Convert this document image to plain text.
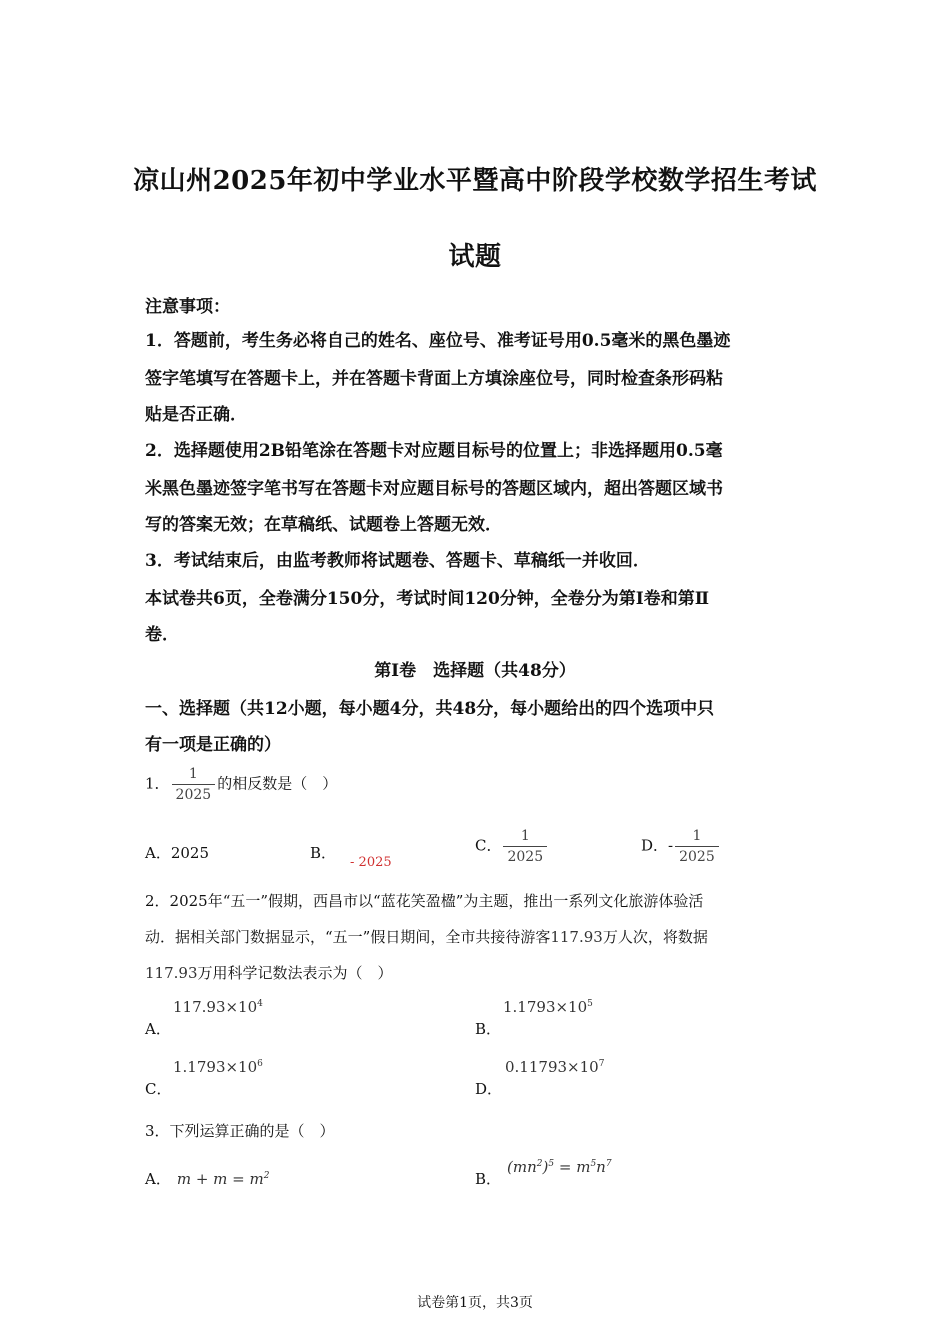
凉山州2025年初中学业水平暨高中阶段学校数学招生考试
试题
注意事项：
1．答题前，考生务必将自己的姓名、座位号、准考证号用0.5毫米的黑色墨迹
签字笔填写在答题卡上，并在答题卡背面上方填涂座位号，同时检查条形码粘
贴是否正确．
2．选择题使用2B铅笔涂在答题卡对应题目标号的位置上；非选择题用0.5毫
米黑色墨迹签字笔书写在答题卡对应题目标号的答题区域内，超出答题区域书
写的答案无效；在草稿纸、试题卷上答题无效．
3．考试结束后，由监考教师将试题卷、答题卡、草稿纸一并收回．
本试卷共6页，全卷满分150分，考试时间120分钟，全卷分为第Ⅰ卷和第Ⅱ
卷．
第Ⅰ卷　选择题（共48分）
一、选择题（共12小题，每小题4分，共48分，每小题给出的四个选项中只
有一项是正确的）
1． $\frac{1}{2025}$ 的相反数是（　）
A．2025	B．- 2025
C． $\frac{1}{2025}$	D．- $\frac{1}{2025}$
2．2025年“五一”假期，西昌市以“蓝花笑盈楹”为主题，推出一系列文化旅游体验活
动．据相关部门数据显示，“五一”假日期间，全市共接待游客117.93万人次，将数据
117.93万用科学记数法表示为（　）
$117.93\times 10^4$
A．
$1.1793\times 10^5$
B．
$1.1793\times 10^6$
C．
$0.11793\times 10^7$
D．
3．下列运算正确的是（　）
A． $m + m = m^2$	B．$(mn^2)^5 = m^5n^7$
试卷第1页，共3页
